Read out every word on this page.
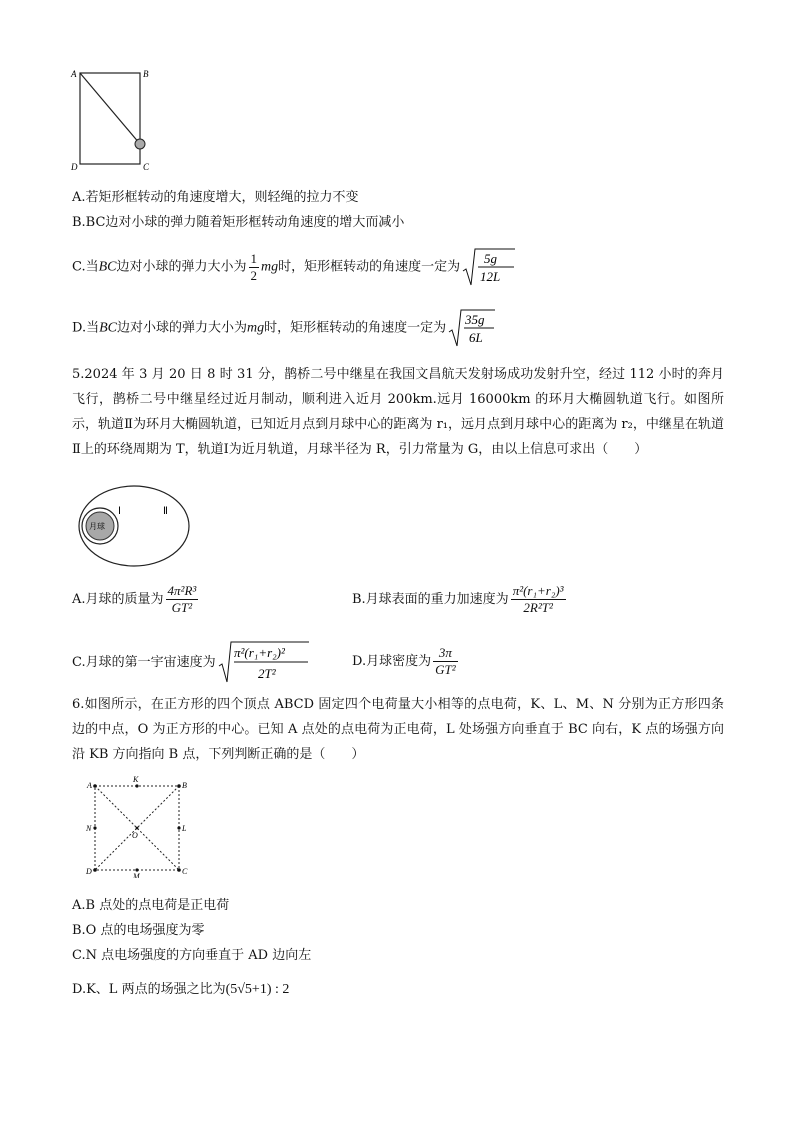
A	B
C
D
A.若矩形框转动的角速度增大，则轻绳的拉力不变
B.BC边对小球的弹力随着矩形框转动角速度的增大而减小
C.当BC边对小球的弹力大小为 $\frac{1}{2}$ mg时，矩形框转动的角速度一定为
5g
12L
D.当BC边对小球的弹力大小为mg时，矩形框转动的角速度一定为
35g
6L
5.2024 年 3 月 20 日 8 时 31 分，鹊桥二号中继星在我国文昌航天发射场成功发射升空，经过 112 小时的奔月飞行，鹊桥二号中继星经过近月制动，顺利进入近月 200km.远月 16000km 的环月大椭圆轨道飞行。如图所示，轨道Ⅱ为环月大椭圆轨道，已知近月点到月球中心的距离为 r₁，远月点到月球中心的距离为 r₂，中继星在轨道Ⅱ上的环绕周期为 T，轨道Ⅰ为近月轨道，月球半径为 R，引力常量为 G，由以上信息可求出（　　）
月球
Ⅰ	Ⅱ
A.月球的质量为 $\frac{\text{4π²R³}}{\text{GT²}}$	B.月球表面的重力加速度为 $\frac{\text{π²(r₁+r₂)³}}{\text{2R²T²}}$
C.月球的第一宇宙速度为
π²(r₁+r₂)²
2T²
D.月球密度为 $\frac{3\pi}{\text{GT²}}$
6.如图所示，在正方形的四个顶点 ABCD 固定四个电荷量大小相等的点电荷，K、L、M、N 分别为正方形四条边的中点，O 为正方形的中心。已知 A 点处的点电荷为正电荷，L 处场强方向垂直于 BC 向右，K 点的场强方向沿 KB 方向指向 B 点，下列判断正确的是（　　）
A	B
C
D
K
L
M
N
O
A.B 点处的点电荷是正电荷
B.O 点的电场强度为零
C.N 点电场强度的方向垂直于 AD 边向左
D.K、L 两点的场强之比为(5√5+1) : 2
